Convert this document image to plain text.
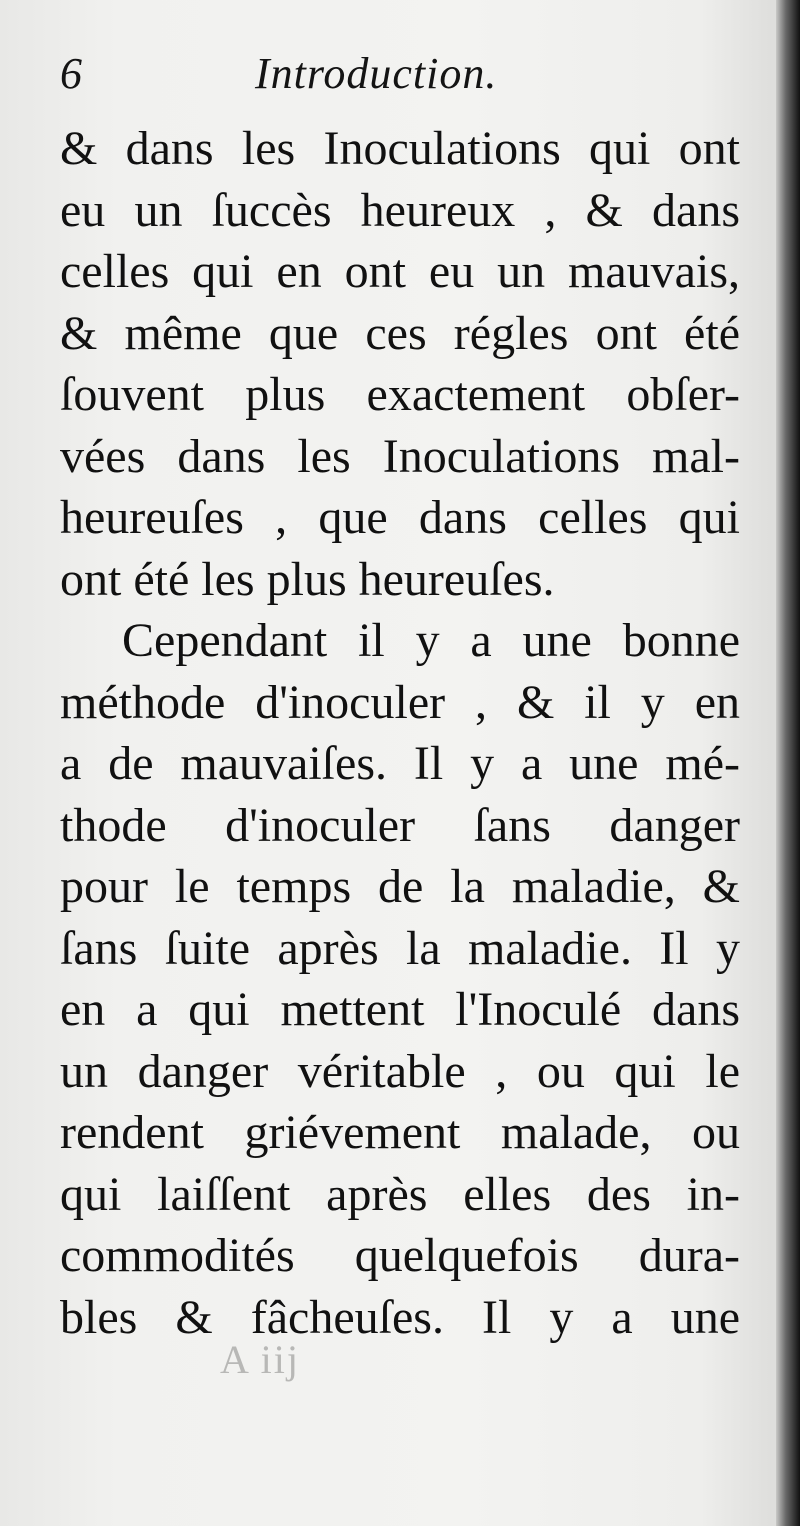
6	Introduction.
& dans les Inoculations qui ont
eu un ſuccès heureux , & dans
celles qui en ont eu un mauvais,
& même que ces régles ont été
ſouvent plus exactement obſer-
vées dans les Inoculations mal-
heureuſes , que dans celles qui
ont été les plus heureuſes.
Cependant il y a une bonne
méthode d'inoculer , & il y en
a de mauvaiſes. Il y a une mé-
thode d'inoculer ſans danger
pour le temps de la maladie, &
ſans ſuite après la maladie. Il y
en a qui mettent l'Inoculé dans
un danger véritable , ou qui le
rendent griévement malade, ou
qui laiſſent après elles des in-
commodités quelquefois dura-
bles & fâcheuſes. Il y a une
A iij
